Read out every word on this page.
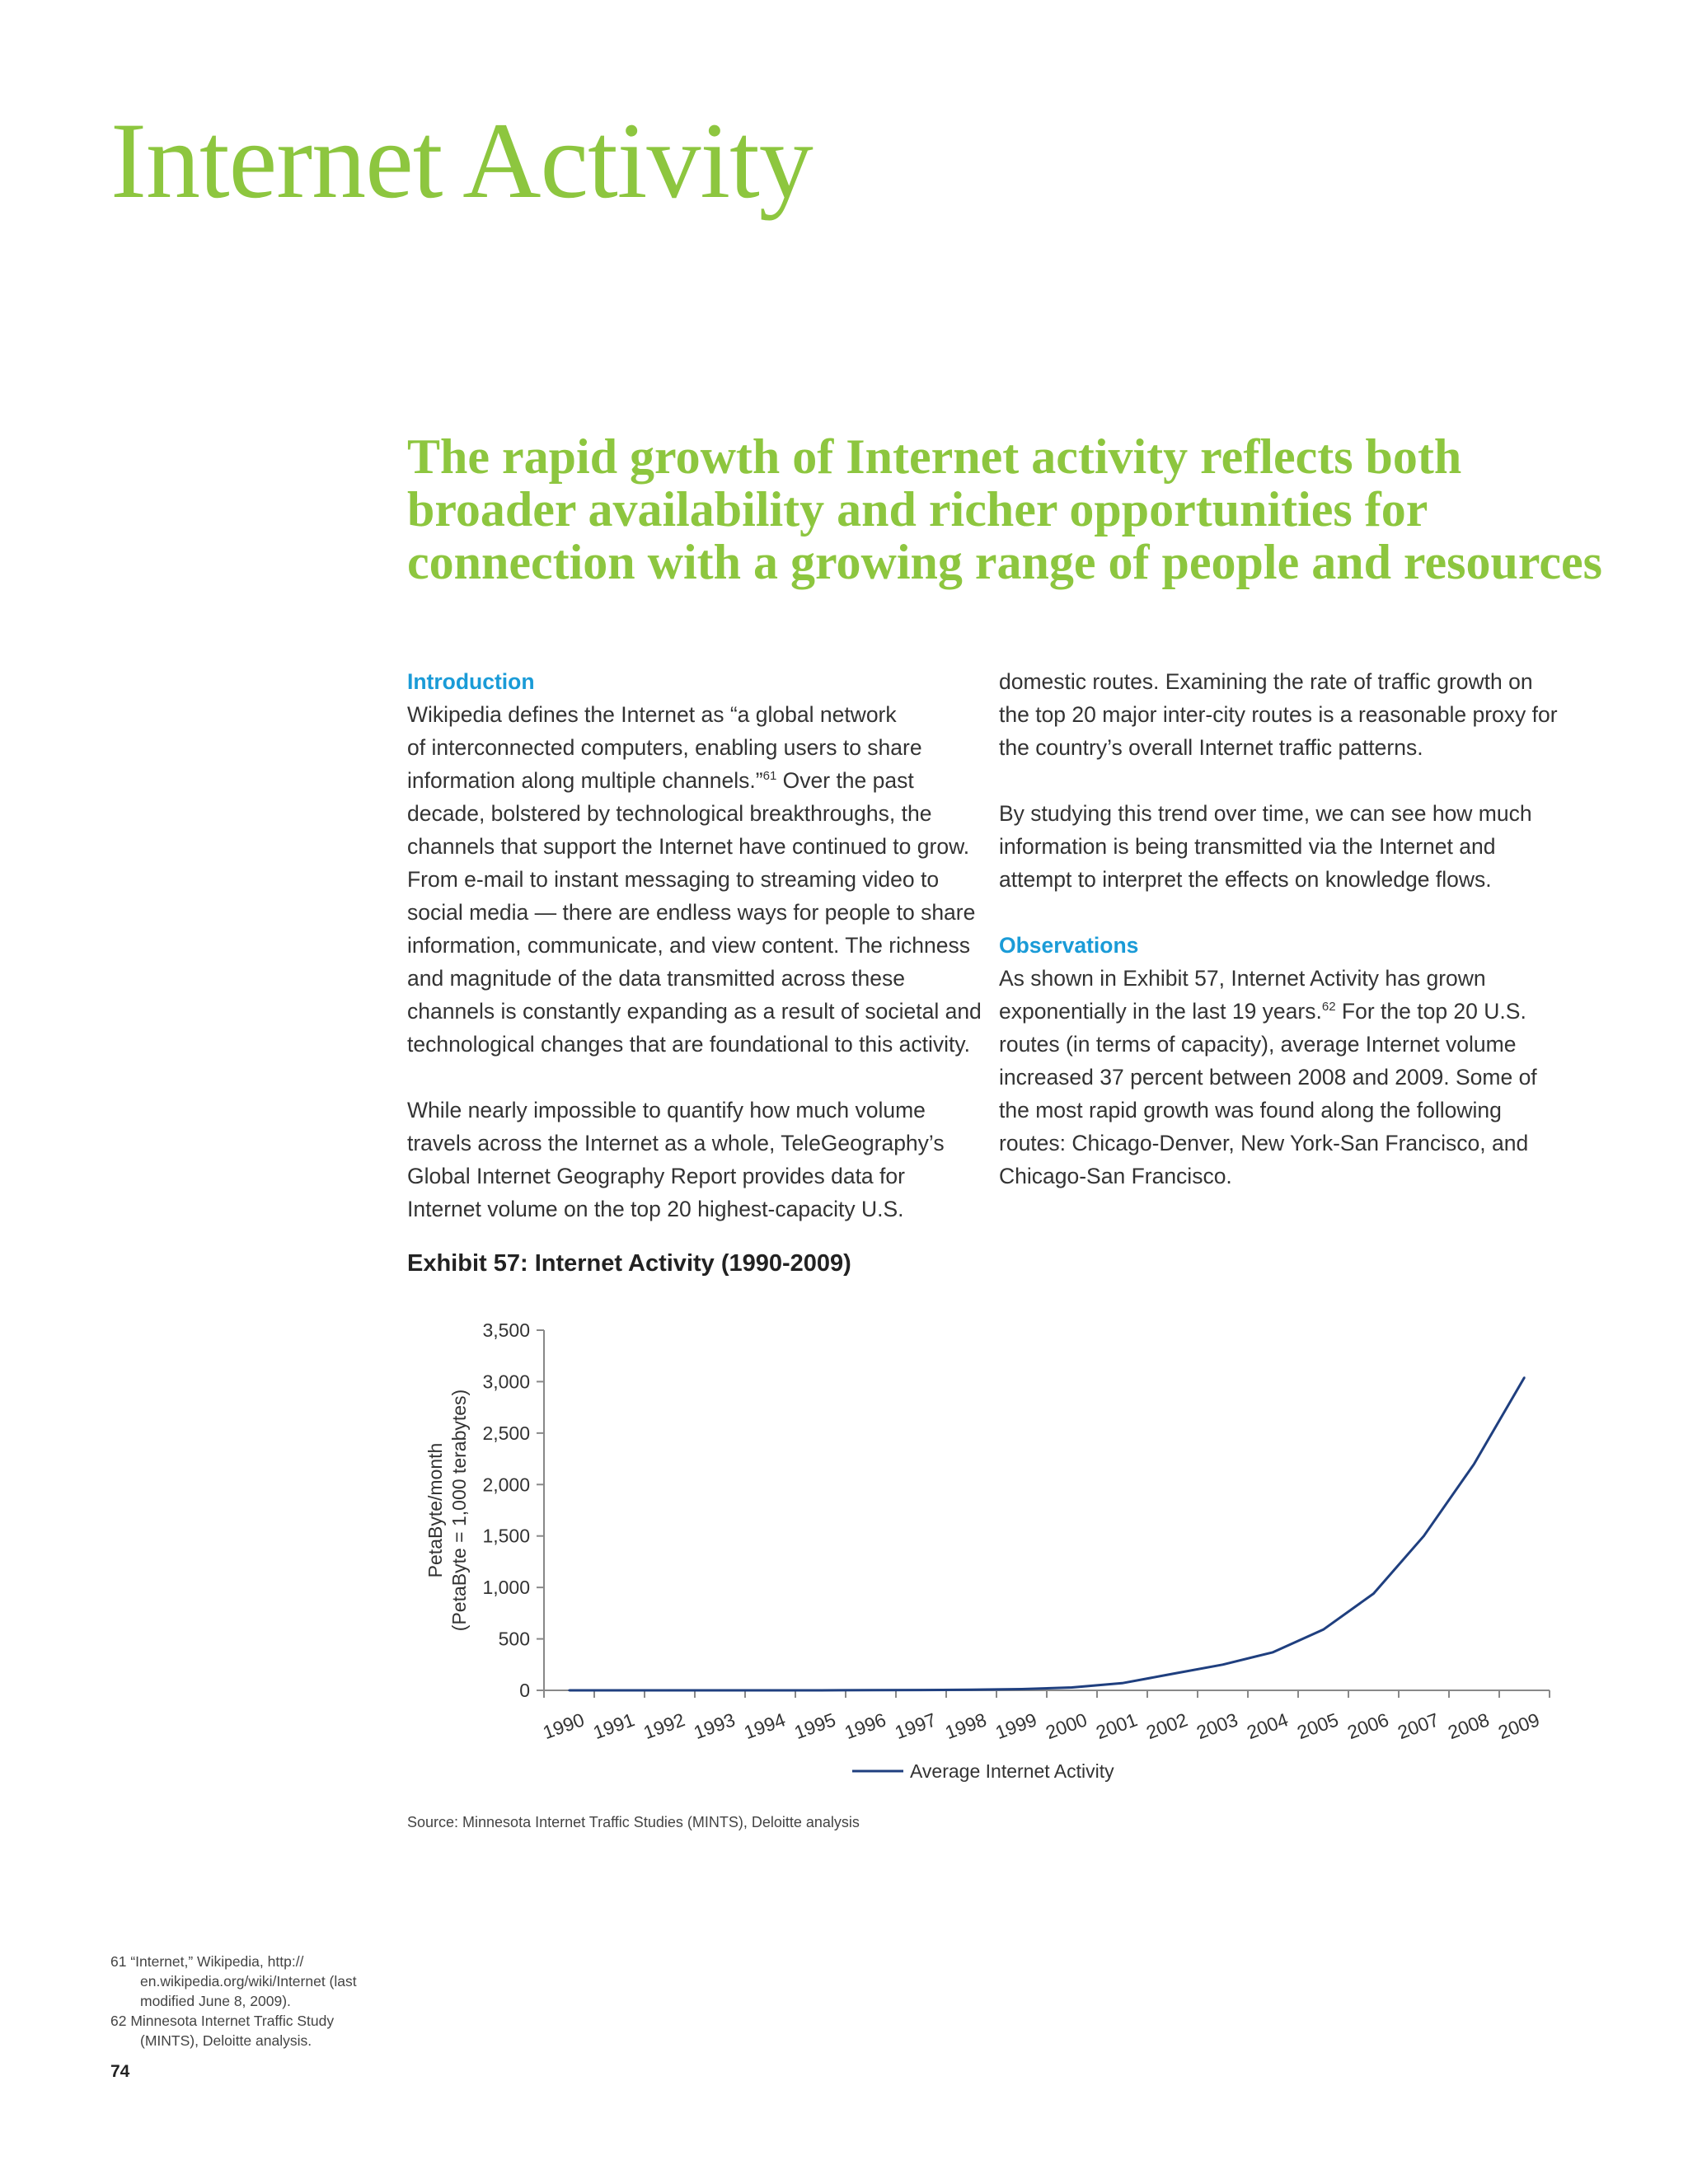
Internet Activity
The rapid growth of Internet activity reflects both
broader availability and richer opportunities for
connection with a growing range of people and resources
Introduction
Wikipedia defines the Internet as “a global network
of interconnected computers, enabling users to share
information along multiple channels.”$^{61}$ Over the past
decade, bolstered by technological breakthroughs, the
channels that support the Internet have continued to grow.
From e-mail to instant messaging to streaming video to
social media — there are endless ways for people to share
information, communicate, and view content. The richness
and magnitude of the data transmitted across these
channels is constantly expanding as a result of societal and
technological changes that are foundational to this activity.
While nearly impossible to quantify how much volume
travels across the Internet as a whole, TeleGeography’s
Global Internet Geography Report provides data for
Internet volume on the top 20 highest-capacity U.S.
domestic routes. Examining the rate of traffic growth on
the top 20 major inter-city routes is a reasonable proxy for
the country’s overall Internet traffic patterns.
By studying this trend over time, we can see how much
information is being transmitted via the Internet and
attempt to interpret the effects on knowledge flows.
Observations
As shown in Exhibit 57, Internet Activity has grown
exponentially in the last 19 years.$^{62}$ For the top 20 U.S.
routes (in terms of capacity), average Internet volume
increased 37 percent between 2008 and 2009. Some of
the most rapid growth was found along the following
routes: Chicago-Denver, New York-San Francisco, and
Chicago-San Francisco.
Exhibit 57: Internet Activity (1990-2009)
0
500
1,000
1,500
2,000
2,500
3,000
3,500
1990 1991 1992 1993 1994 1995 1996 1997 1998 1999 2000 2001 2002 2003 2004 2005 2006 2007 2008 2009
PetaByte/month (PetaByte = 1,000 terabytes)
Average Internet Activity
Source: Minnesota Internet Traffic Studies (MINTS), Deloitte analysis
61 “Internet,” Wikipedia, http://
en.wikipedia.org/wiki/Internet (last
modified June 8, 2009).
62 Minnesota Internet Traffic Study
(MINTS), Deloitte analysis.
74
